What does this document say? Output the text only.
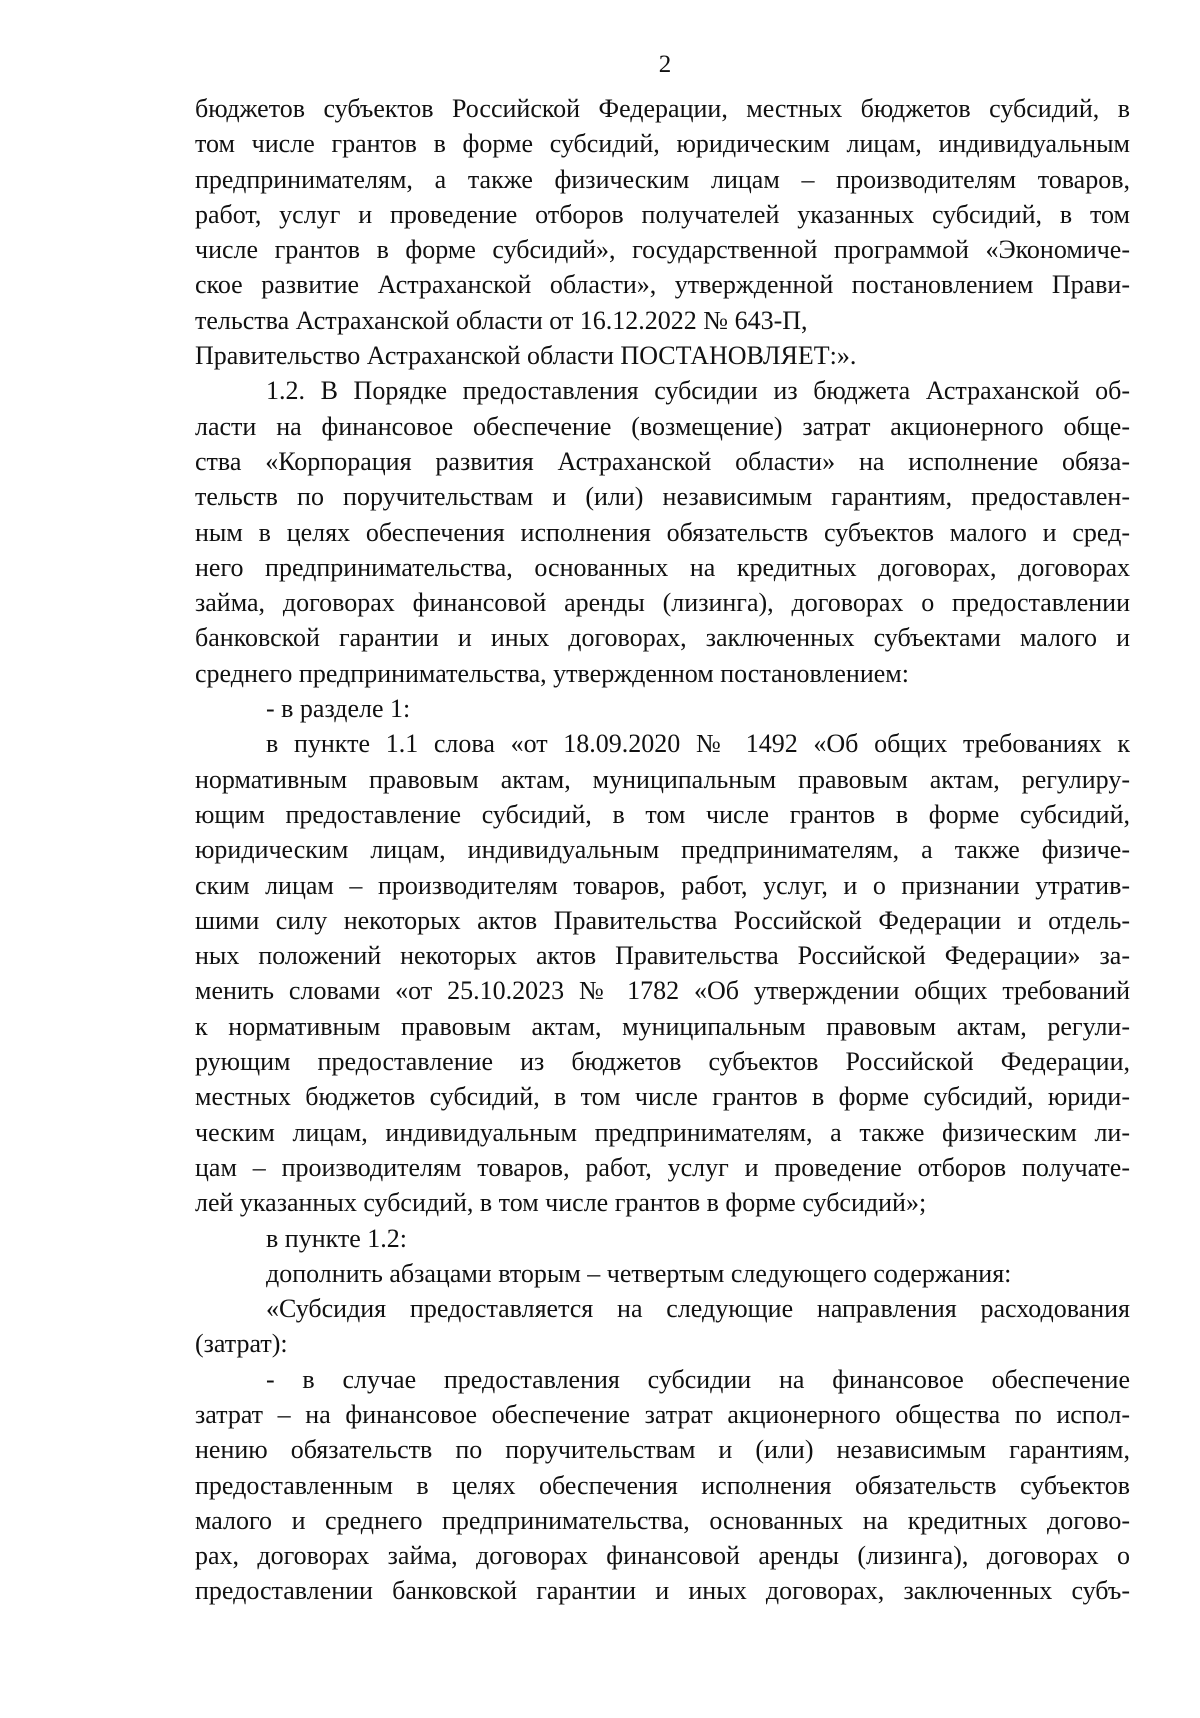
2
бюджетов субъектов Российской Федерации, местных бюджетов субсидий, в
том числе грантов в форме субсидий, юридическим лицам, индивидуальным
предпринимателям, а также физическим лицам – производителям товаров,
работ, услуг и проведение отборов получателей указанных субсидий, в том
числе грантов в форме субсидий», государственной программой «Экономиче-
ское развитие Астраханской области», утвержденной постановлением Прави-
тельства Астраханской области от 16.12.2022 № 643-П,
Правительство Астраханской области ПОСТАНОВЛЯЕТ:».
1.2. В Порядке предоставления субсидии из бюджета Астраханской об-
ласти на финансовое обеспечение (возмещение) затрат акционерного обще-
ства «Корпорация развития Астраханской области» на исполнение обяза-
тельств по поручительствам и (или) независимым гарантиям, предоставлен-
ным в целях обеспечения исполнения обязательств субъектов малого и сред-
него предпринимательства, основанных на кредитных договорах, договорах
займа, договорах финансовой аренды (лизинга), договорах о предоставлении
банковской гарантии и иных договорах, заключенных субъектами малого и
среднего предпринимательства, утвержденном постановлением:
- в разделе 1:
в пункте 1.1 слова «от 18.09.2020 № 1492 «Об общих требованиях к
нормативным правовым актам, муниципальным правовым актам, регулиру-
ющим предоставление субсидий, в том числе грантов в форме субсидий,
юридическим лицам, индивидуальным предпринимателям, а также физиче-
ским лицам – производителям товаров, работ, услуг, и о признании утратив-
шими силу некоторых актов Правительства Российской Федерации и отдель-
ных положений некоторых актов Правительства Российской Федерации» за-
менить словами «от 25.10.2023 № 1782 «Об утверждении общих требований
к нормативным правовым актам, муниципальным правовым актам, регули-
рующим предоставление из бюджетов субъектов Российской Федерации,
местных бюджетов субсидий, в том числе грантов в форме субсидий, юриди-
ческим лицам, индивидуальным предпринимателям, а также физическим ли-
цам – производителям товаров, работ, услуг и проведение отборов получате-
лей указанных субсидий, в том числе грантов в форме субсидий»;
в пункте 1.2:
дополнить абзацами вторым – четвертым следующего содержания:
«Субсидия предоставляется на следующие направления расходования
(затрат):
- в случае предоставления субсидии на финансовое обеспечение
затрат – на финансовое обеспечение затрат акционерного общества по испол-
нению обязательств по поручительствам и (или) независимым гарантиям,
предоставленным в целях обеспечения исполнения обязательств субъектов
малого и среднего предпринимательства, основанных на кредитных догово-
рах, договорах займа, договорах финансовой аренды (лизинга), договорах о
предоставлении банковской гарантии и иных договорах, заключенных субъ-
